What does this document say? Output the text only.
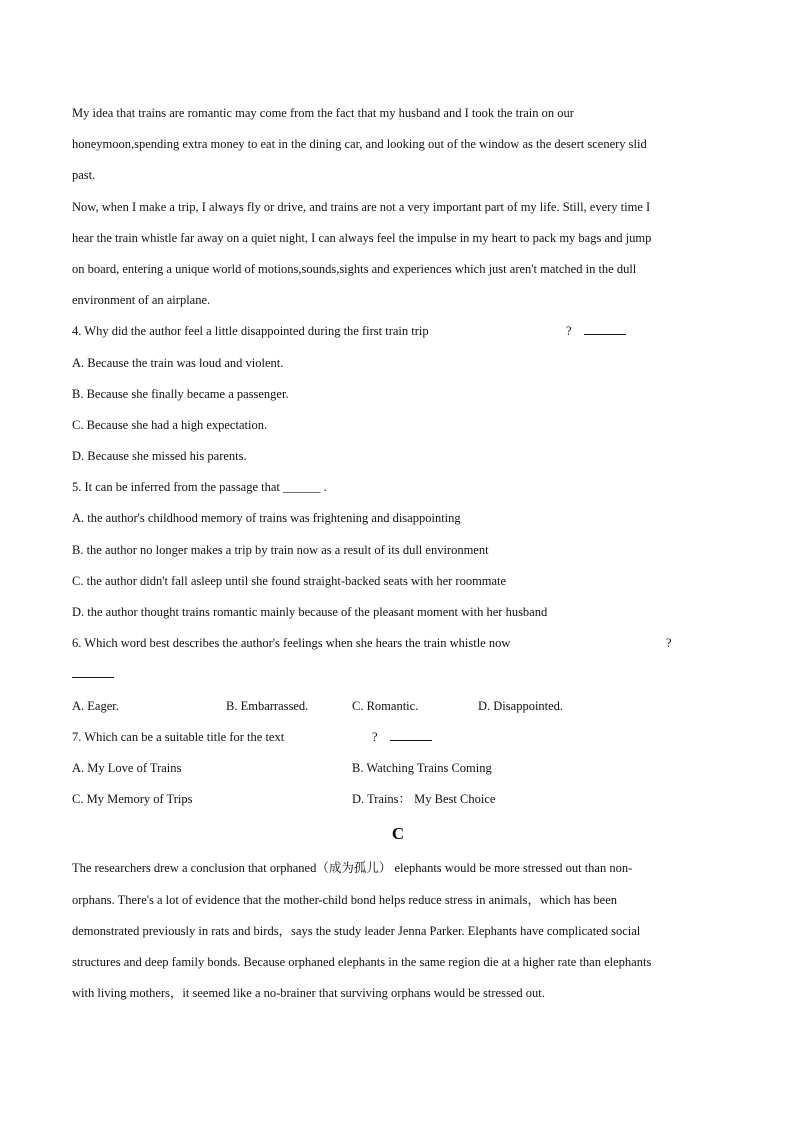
My idea that trains are romantic may come from the fact that my husband and I took the train on our
honeymoon,spending extra money to eat in the dining car, and looking out of the window as the desert scenery slid
past.
Now, when I make a trip, I always fly or drive, and trains are not a very important part of my life. Still, every time I
hear the train whistle far away on a quiet night, I can always feel the impulse in my heart to pack my bags and jump
on board, entering a unique world of motions,sounds,sights and experiences which just aren't matched in the dull
environment of an airplane.
4. Why did the author feel a little disappointed during the first train trip	?
A. Because the train was loud and violent.
B. Because she finally became a passenger.
C. Because she had a high expectation.
D. Because she missed his parents.
5. It can be inferred from the passage that ______ .
A. the author's childhood memory of trains was frightening and disappointing
B. the author no longer makes a trip by train now as a result of its dull environment
C. the author didn't fall asleep until she found straight-backed seats with her roommate
D. the author thought trains romantic mainly because of the pleasant moment with her husband
6. Which word best describes the author's feelings when she hears the train whistle now	?
A. Eager.	B. Embarrassed.	C. Romantic.	D. Disappointed.
7. Which can be a suitable title for the text	?
A. My Love of Trains	B. Watching Trains Coming
C. My Memory of Trips	D. Trains： My Best Choice
C
The researchers drew a conclusion that orphaned（成为孤儿） elephants would be more stressed out than non-
orphans. There's a lot of evidence that the mother-child bond helps reduce stress in animals，which has been
demonstrated previously in rats and birds，says the study leader Jenna Parker. Elephants have complicated social
structures and deep family bonds. Because orphaned elephants in the same region die at a higher rate than elephants
with living mothers，it seemed like a no-brainer that surviving orphans would be stressed out.
